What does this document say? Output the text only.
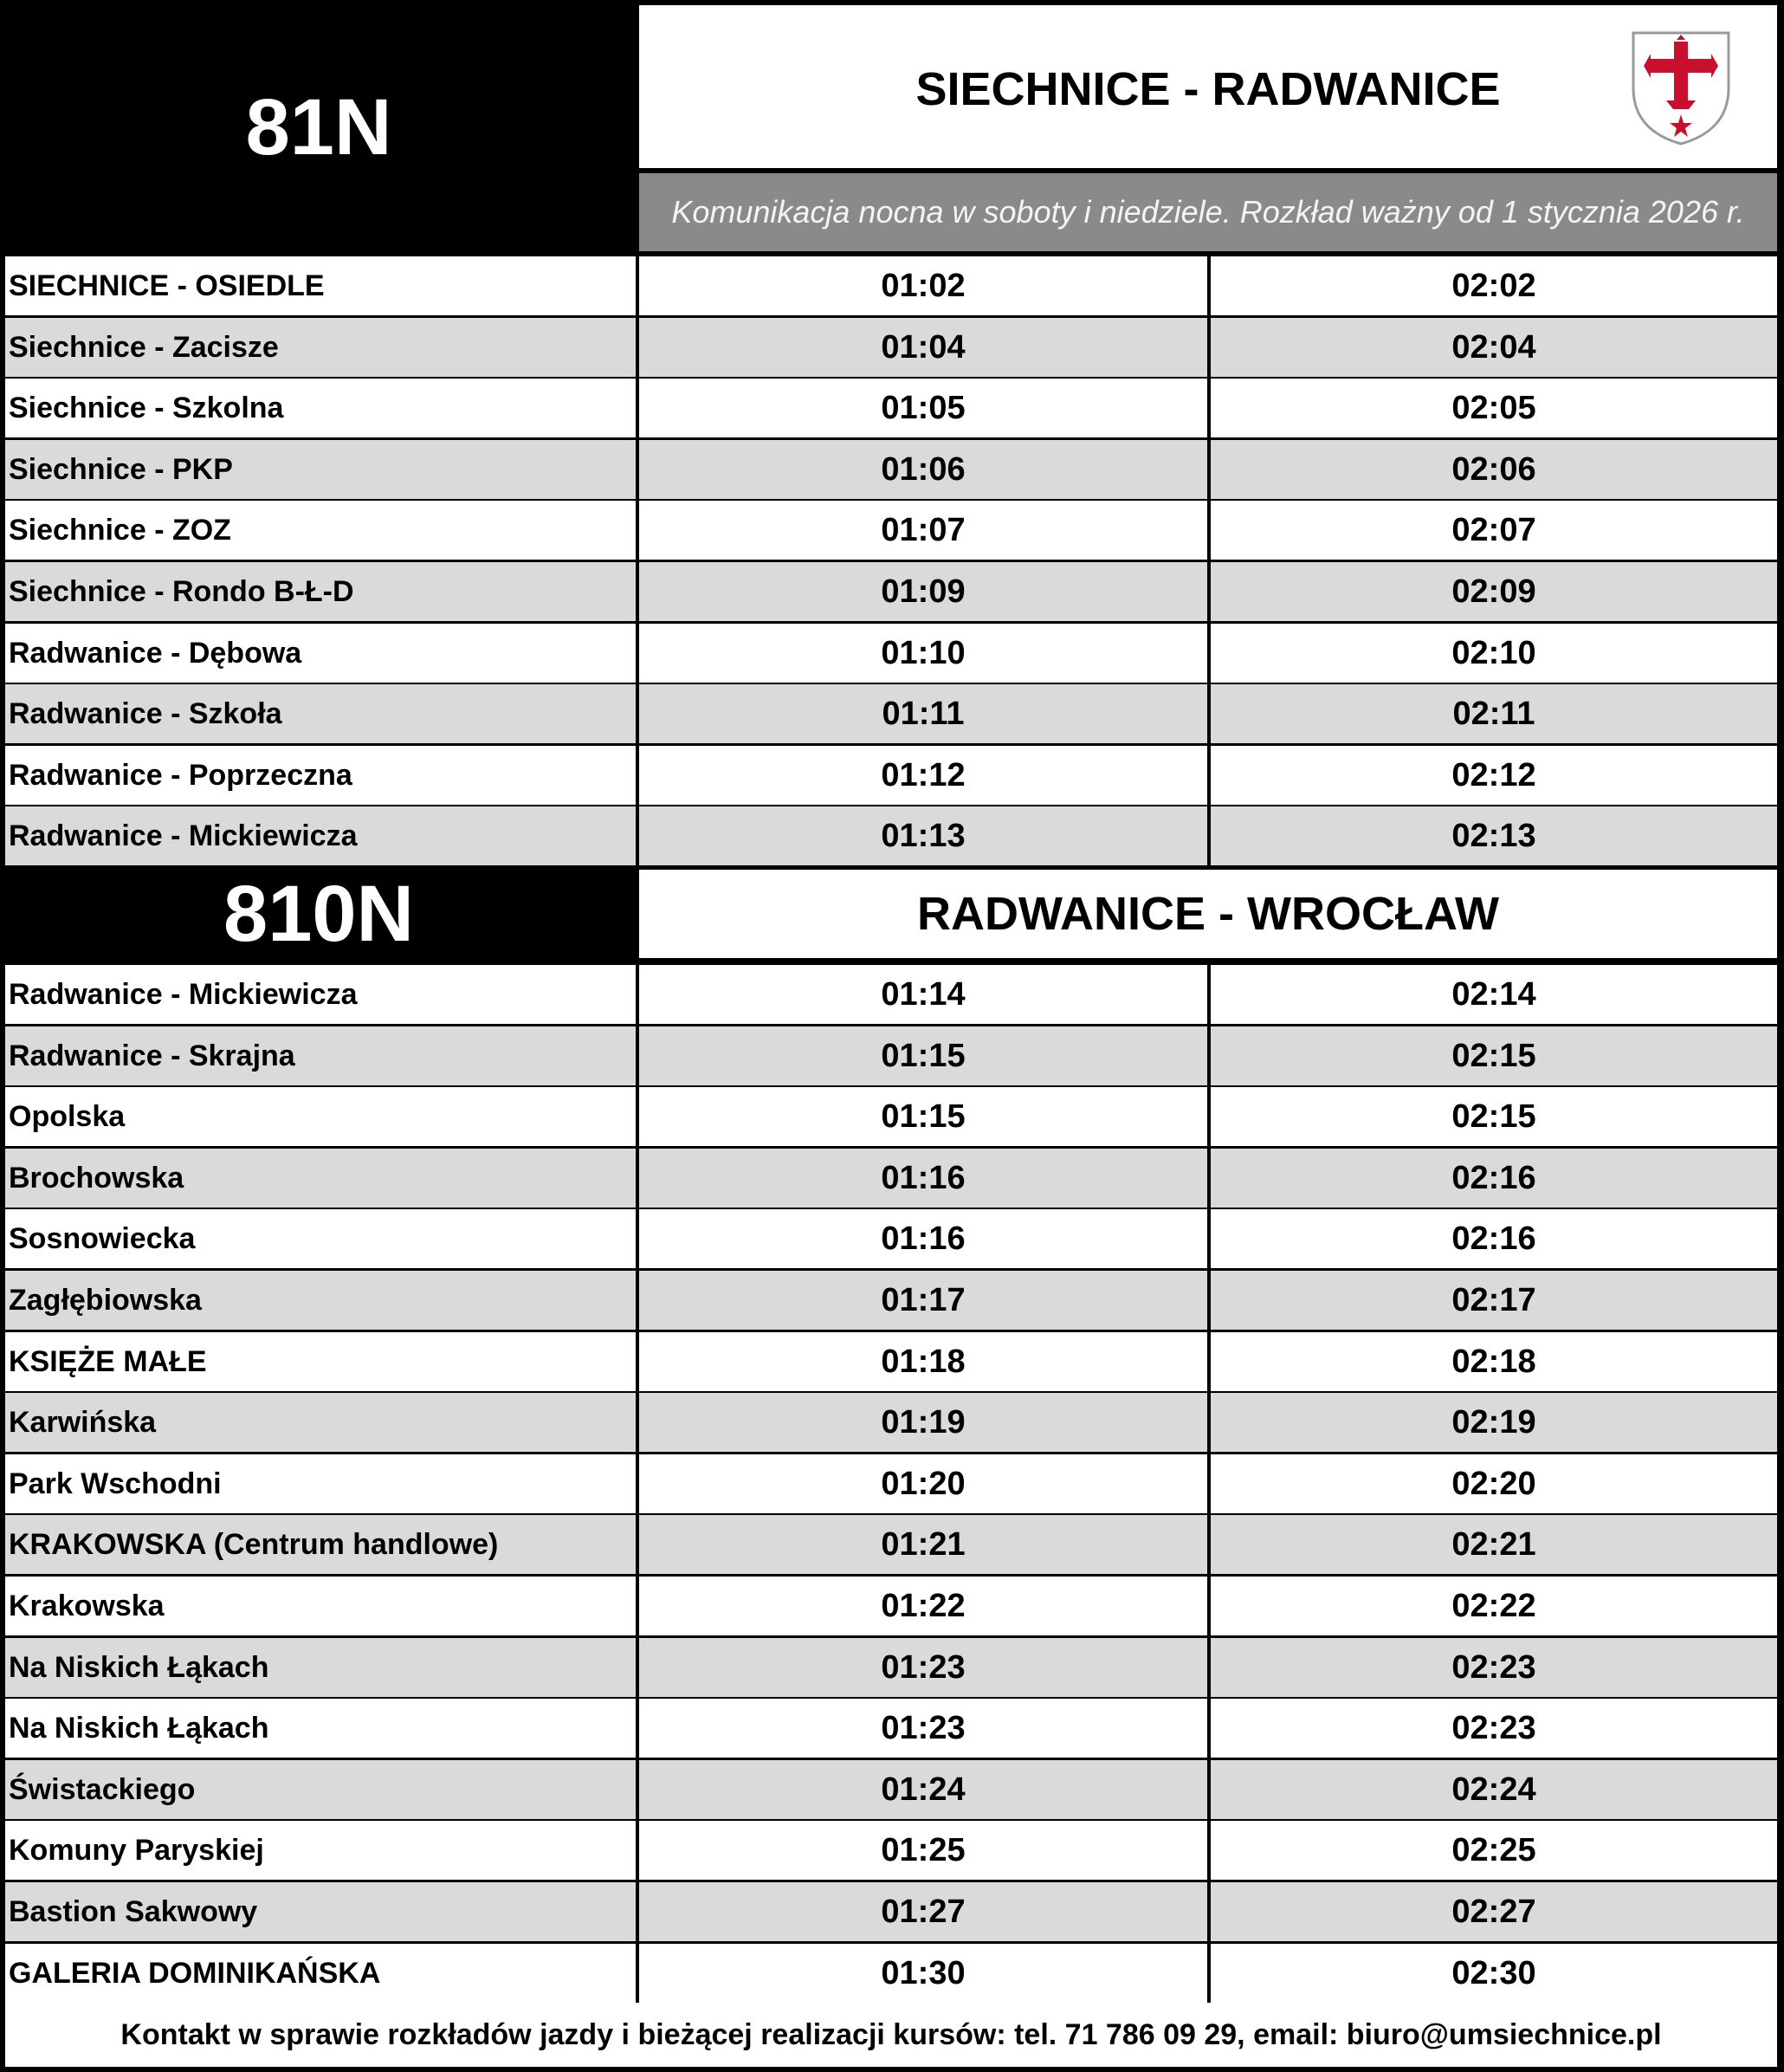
81N	SIECHNICE - RADWANICE
Komunikacja nocna w soboty i niedziele. Rozkład ważny od 1 stycznia 2026 r.
SIECHNICE - OSIEDLE	01:02	02:02
Siechnice - Zacisze	01:04	02:04
Siechnice - Szkolna	01:05	02:05
Siechnice - PKP	01:06	02:06
Siechnice - ZOZ	01:07	02:07
Siechnice - Rondo B-Ł-D	01:09	02:09
Radwanice - Dębowa	01:10	02:10
Radwanice - Szkoła	01:11	02:11
Radwanice - Poprzeczna	01:12	02:12
Radwanice - Mickiewicza	01:13	02:13
810N	RADWANICE - WROCŁAW
Radwanice - Mickiewicza	01:14	02:14
Radwanice - Skrajna	01:15	02:15
Opolska	01:15	02:15
Brochowska	01:16	02:16
Sosnowiecka	01:16	02:16
Zagłębiowska	01:17	02:17
KSIĘŻE MAŁE	01:18	02:18
Karwińska	01:19	02:19
Park Wschodni	01:20	02:20
KRAKOWSKA (Centrum handlowe)	01:21	02:21
Krakowska	01:22	02:22
Na Niskich Łąkach	01:23	02:23
Na Niskich Łąkach	01:23	02:23
Świstackiego	01:24	02:24
Komuny Paryskiej	01:25	02:25
Bastion Sakwowy	01:27	02:27
GALERIA DOMINIKAŃSKA	01:30	02:30
Kontakt w sprawie rozkładów jazdy i bieżącej realizacji kursów: tel. 71 786 09 29, email: biuro@umsiechnice.pl
